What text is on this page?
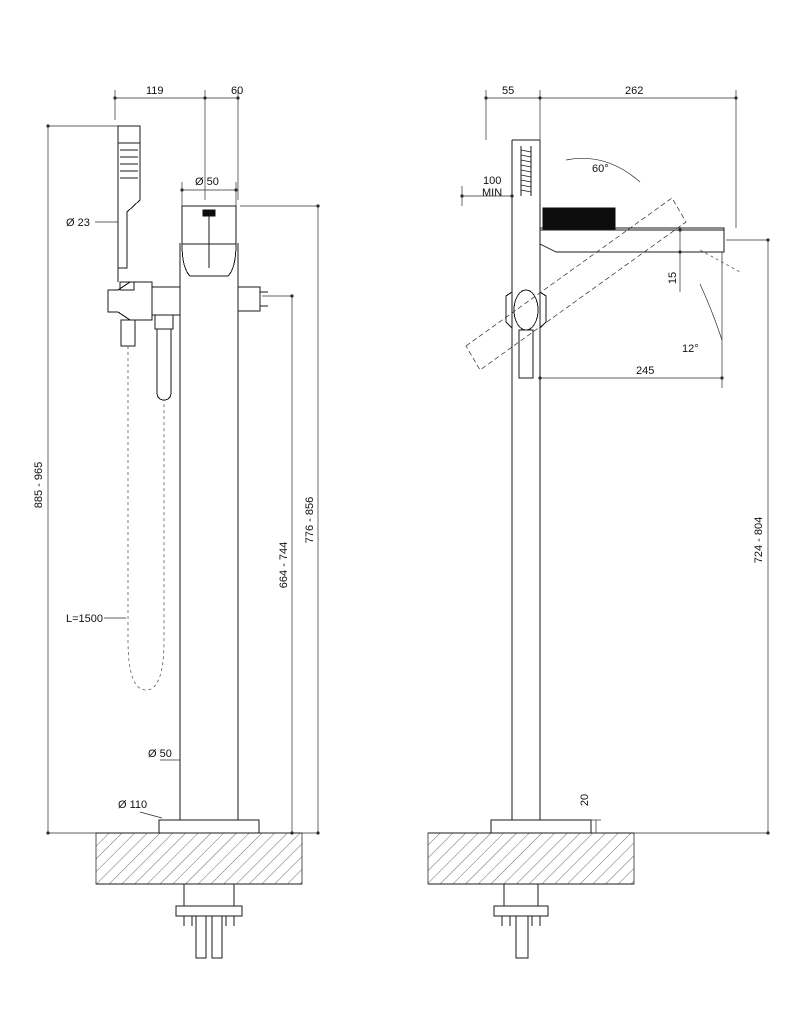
119	60
Ø 50
Ø 23
885 - 965
776 - 856
664 - 744
L=1500
Ø 50
Ø 110
55	262
100
MIN
60°
15
12°
245
724 - 804
20
